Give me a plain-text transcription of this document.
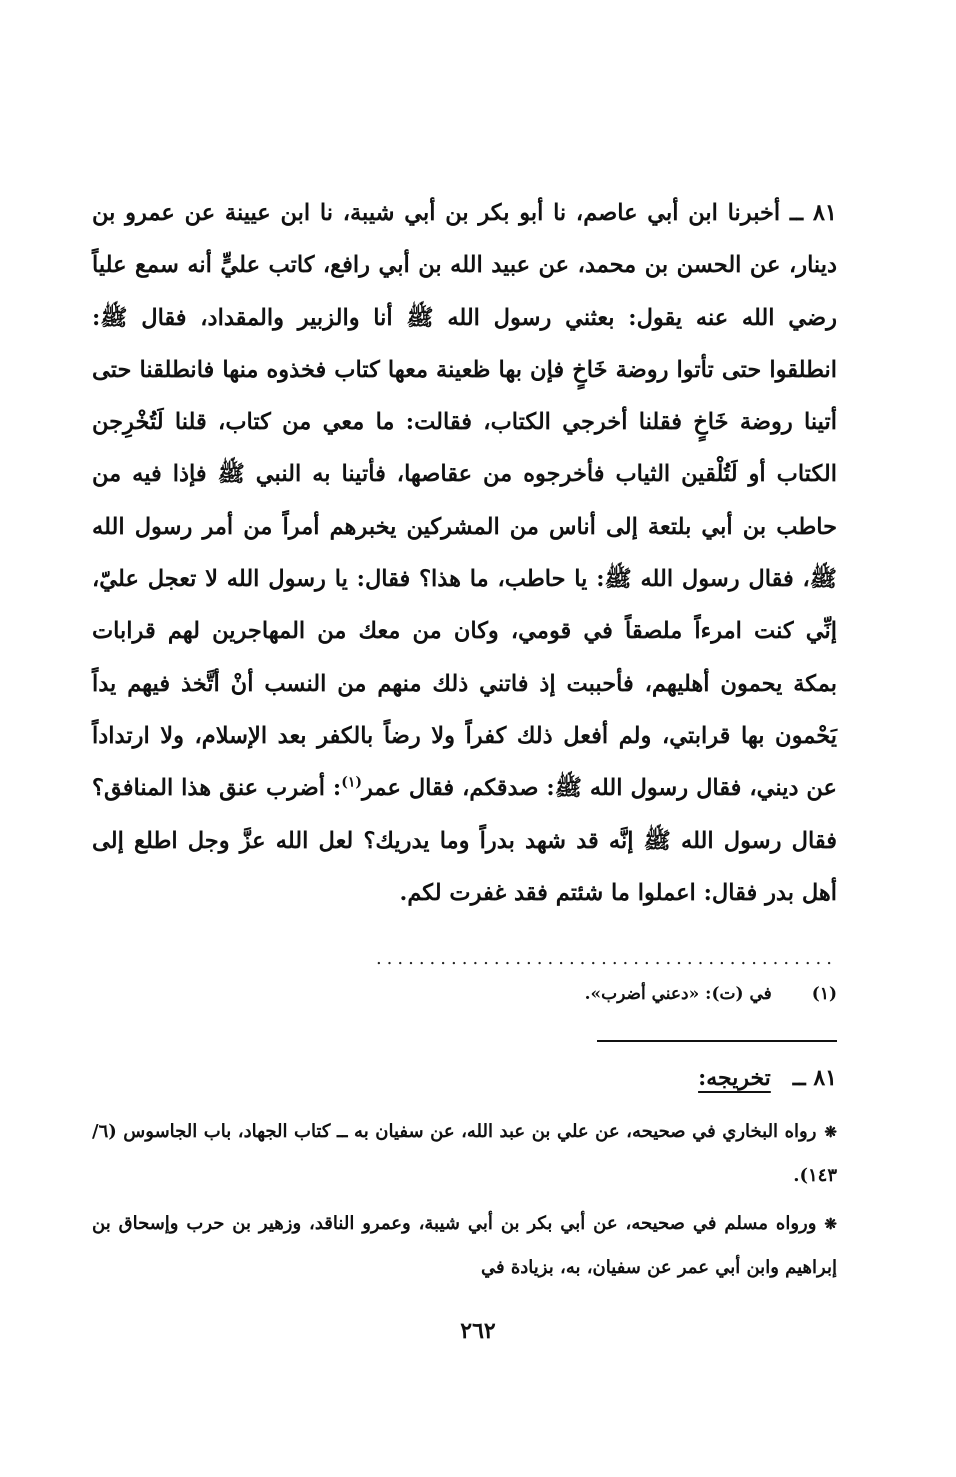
٨١ ــ أخبرنا ابن أبي عاصم، نا أبو بكر بن أبي شيبة، نا ابن عيينة عن عمرو بن دينار، عن الحسن بن محمد، عن عبيد الله بن أبي رافع، كاتب عليٍّ أنه سمع علياً رضي الله عنه يقول: بعثني رسول الله ﷺ أنا والزبير والمقداد، فقال ﷺ: انطلقوا حتى تأتوا روضة خَاخٍ فإن بها ظعينة معها كتاب فخذوه منها فانطلقنا حتى أتينا روضة خَاخٍ فقلنا أخرجي الكتاب، فقالت: ما معي من كتاب، قلنا لَتُخْرِجن الكتاب أو لَتُلْقين الثياب فأخرجوه من عقاصها، فأتينا به النبي ﷺ فإذا فيه من حاطب بن أبي بلتعة إلى أناس من المشركين يخبرهم أمراً من أمر رسول الله ﷺ، فقال رسول الله ﷺ: يا حاطب، ما هذا؟ فقال: يا رسول الله لا تعجل عليّ، إنِّي كنت امرءاً ملصقاً في قومي، وكان من معك من المهاجرين لهم قرابات بمكة يحمون أهليهم، فأحببت إذ فاتني ذلك منهم من النسب أنْ أتَّخذ فيهم يداً يَحْمون بها قرابتي، ولم أفعل ذلك كفراً ولا رضاً بالكفر بعد الإسلام، ولا ارتداداً عن ديني، فقال رسول الله ﷺ: صدقكم، فقال عمر$^{(١)}$: أضرب عنق هذا المنافق؟ فقال رسول الله ﷺ إنَّه قد شهد بدراً وما يدريك؟ لعل الله عزَّ وجل اطلع إلى أهل بدر فقال: اعملوا ما شئتم فقد غفرت لكم.

...........................................
(١)
في (ت): «دعني أضرب».
٨١ ــ
تخريجه:

❋رواه البخاري في صحيحه، عن علي بن عبد الله، عن سفيان به ــ كتاب الجهاد، باب الجاسوس (٦/ ١٤٣).

❋ورواه مسلم في صحيحه، عن أبي بكر بن أبي شيبة، وعمرو الناقد، وزهير بن حرب وإسحاق بن إبراهيم وابن أبي عمر عن سفيان، به، بزيادة في

٢٦٢
